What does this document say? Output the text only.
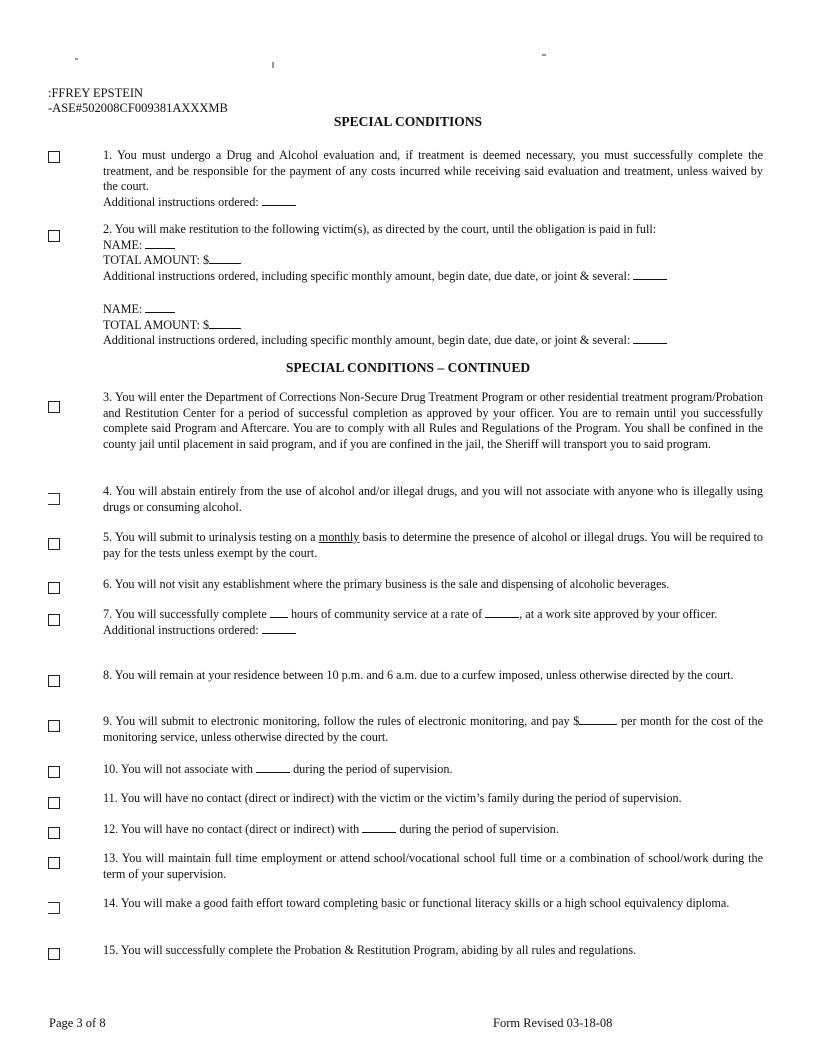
:FFREY EPSTEIN
-ASE#502008CF009381AXXXMB
SPECIAL CONDITIONS
1. You must undergo a Drug and Alcohol evaluation and, if treatment is deemed necessary, you must successfully complete the treatment, and be responsible for the payment of any costs incurred while receiving said evaluation and treatment, unless waived by the court.
Additional instructions ordered:
2. You will make restitution to the following victim(s), as directed by the court, until the obligation is paid in full:
NAME:
TOTAL AMOUNT: $
Additional instructions ordered, including specific monthly amount, begin date, due date, or joint & several:
NAME:
TOTAL AMOUNT: $
Additional instructions ordered, including specific monthly amount, begin date, due date, or joint & several:
SPECIAL CONDITIONS – CONTINUED
3. You will enter the Department of Corrections Non-Secure Drug Treatment Program or other residential treatment program/Probation and Restitution Center for a period of successful completion as approved by your officer. You are to remain until you successfully complete said Program and Aftercare. You are to comply with all Rules and Regulations of the Program. You shall be confined in the county jail until placement in said program, and if you are confined in the jail, the Sheriff will transport you to said program.
4. You will abstain entirely from the use of alcohol and/or illegal drugs, and you will not associate with anyone who is illegally using drugs or consuming alcohol.
5. You will submit to urinalysis testing on a monthly basis to determine the presence of alcohol or illegal drugs. You will be required to pay for the tests unless exempt by the court.
6. You will not visit any establishment where the primary business is the sale and dispensing of alcoholic beverages.
7. You will successfully complete hours of community service at a rate of	, at a work site approved by your officer.
Additional instructions ordered:
8. You will remain at your residence between 10 p.m. and 6 a.m. due to a curfew imposed, unless otherwise directed by the court.
9. You will submit to electronic monitoring, follow the rules of electronic monitoring, and pay $	per month for the cost of the monitoring service, unless otherwise directed by the court.
10. You will not associate with	during the period of supervision.
11. You will have no contact (direct or indirect) with the victim or the victim’s family during the period of supervision.
12. You will have no contact (direct or indirect) with	during the period of supervision.
13. You will maintain full time employment or attend school/vocational school full time or a combination of school/work during the term of your supervision.
14. You will make a good faith effort toward completing basic or functional literacy skills or a high school equivalency diploma.
15. You will successfully complete the Probation & Restitution Program, abiding by all rules and regulations.
Page 3 of 8	Form Revised 03-18-08
